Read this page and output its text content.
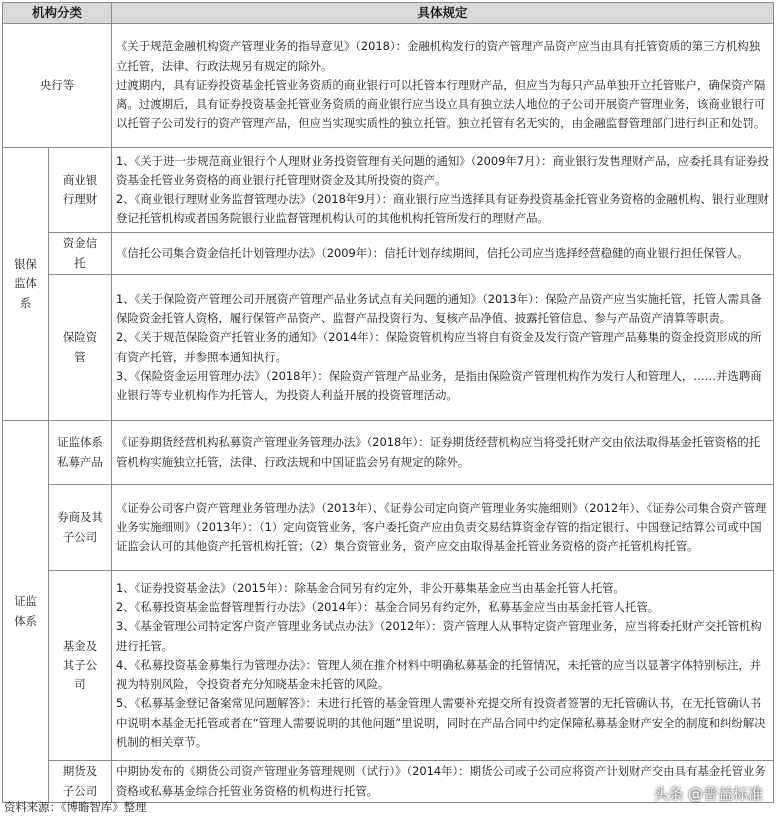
机构分类		具体规定
央行等		《关于规范金融机构资产管理业务的指导意见》（2018）：金融机构发行的资产管理产品资产应当由具有托管资质的第三方机构独立托管，法律、行政法规另有规定的除外。
过渡期内，具有证券投资基金托管业务资质的商业银行可以托管本行理财产品，但应当为每只产品单独开立托管账户，确保资产隔离。过渡期后，具有证券投资基金托管业务资质的商业银行应当设立具有独立法人地位的子公司开展资产管理业务，该商业银行可以托管子公司发行的资产管理产品，但应当实现实质性的独立托管。独立托管有名无实的，由金融监督管理部门进行纠正和处罚。

银保监体系	商业银行理财	1、《关于进一步规范商业银行个人理财业务投资管理有关问题的通知》（2009年7月）：商业银行发售理财产品，应委托具有证券投资基金托管业务资格的商业银行托管理财资金及其所投资的资产。
2、《商业银行理财业务监督管理办法》（2018年9月）：商业银行应当选择具有证券投资基金托管业务资格的金融机构、银行业理财登记托管机构或者国务院银行业监督管理机构认可的其他机构托管所发行的理财产品。

	资金信托	《信托公司集合资金信托计划管理办法》（2009年）：信托计划存续期间，信托公司应当选择经营稳健的商业银行担任保管人。

	保险资管	1、《关于保险资产管理公司开展资产管理产品业务试点有关问题的通知》（2013年）：保险产品资产应当实施托管，托管人需具备 保险资金托管人资格，履行保管产品资产、监督产品投资行为、复核产品净值、披露托管信息、参与产品资产清算等职责。
2、《关于规范保险资产托管业务的通知》（2014年）：保险资管机构应当将自有资金及发行资产管理产品募集的资金投资形成的所有资产托管，并参照本通知执行。
3、《保险资金运用管理办法》（2018年）：保险资产管理产品业务，是指由保险资产管理机构作为发行人和管理人，……并选聘商业银行等专业机构作为托管人，为投资人利益开展的投资管理活动。

证监体系	证监体系私募产品	《证券期货经营机构私募资产管理业务管理办法》（2018年）：证券期货经营机构应当将受托财产交由依法取得基金托管资格的托管机构实施独立托管，法律、行政法规和中国证监会另有规定的除外。

	券商及其子公司	《证券公司客户资产管理业务管理办法》（2013年）、《证券公司定向资产管理业务实施细则》（2012年）、《证券公司集合资产管理业务实施细则》（2013年）：（1）定向资管业务，客户委托资产应由负责交易结算资金存管的指定银行、中国登记结算公司或中国证监会认可的其他资产托管机构托管；（2）集合资管业务，资产应交由取得基金托管业务资格的资产托管机构托管。

	基金及其子公司	1、《证券投资基金法》（2015年）：除基金合同另有约定外，非公开募集基金应当由基金托管人托管。
2、《私募投资基金监督管理暂行办法》（2014年）：基金合同另有约定外，私募基金应当由基金托管人托管。
3、《基金管理公司特定客户资产管理业务试点办法》（2012年）：资产管理人从事特定资产管理业务，应当将委托财产交托管机构进行托管。
4、《私募投资基金募集行为管理办法》：管理人须在推介材料中明确私募基金的托管情况，未托管的应当以显著字体特别标注，并视为特别风险，令投资者充分知晓基金未托管的风险。
5、《私募基金登记备案常见问题解答》：未进行托管的基金管理人需要补充提交所有投资者签署的无托管确认书，在无托管确认书中说明本基金无托管或者在“管理人需要说明的其他问题”里说明，同时在产品合同中约定保障私募基金财产安全的制度和纠纷解决机制的相关章节。

	期货及子公司	中期协发布的《期货公司资产管理业务管理规则（试行）》（2014年）：期货公司或子公司应将资产计划财产交由具有基金托管业务资格或私募基金综合托管业务资格的机构进行托管。	头条 @普益标准
资料来源：《博瞻智库》整理
